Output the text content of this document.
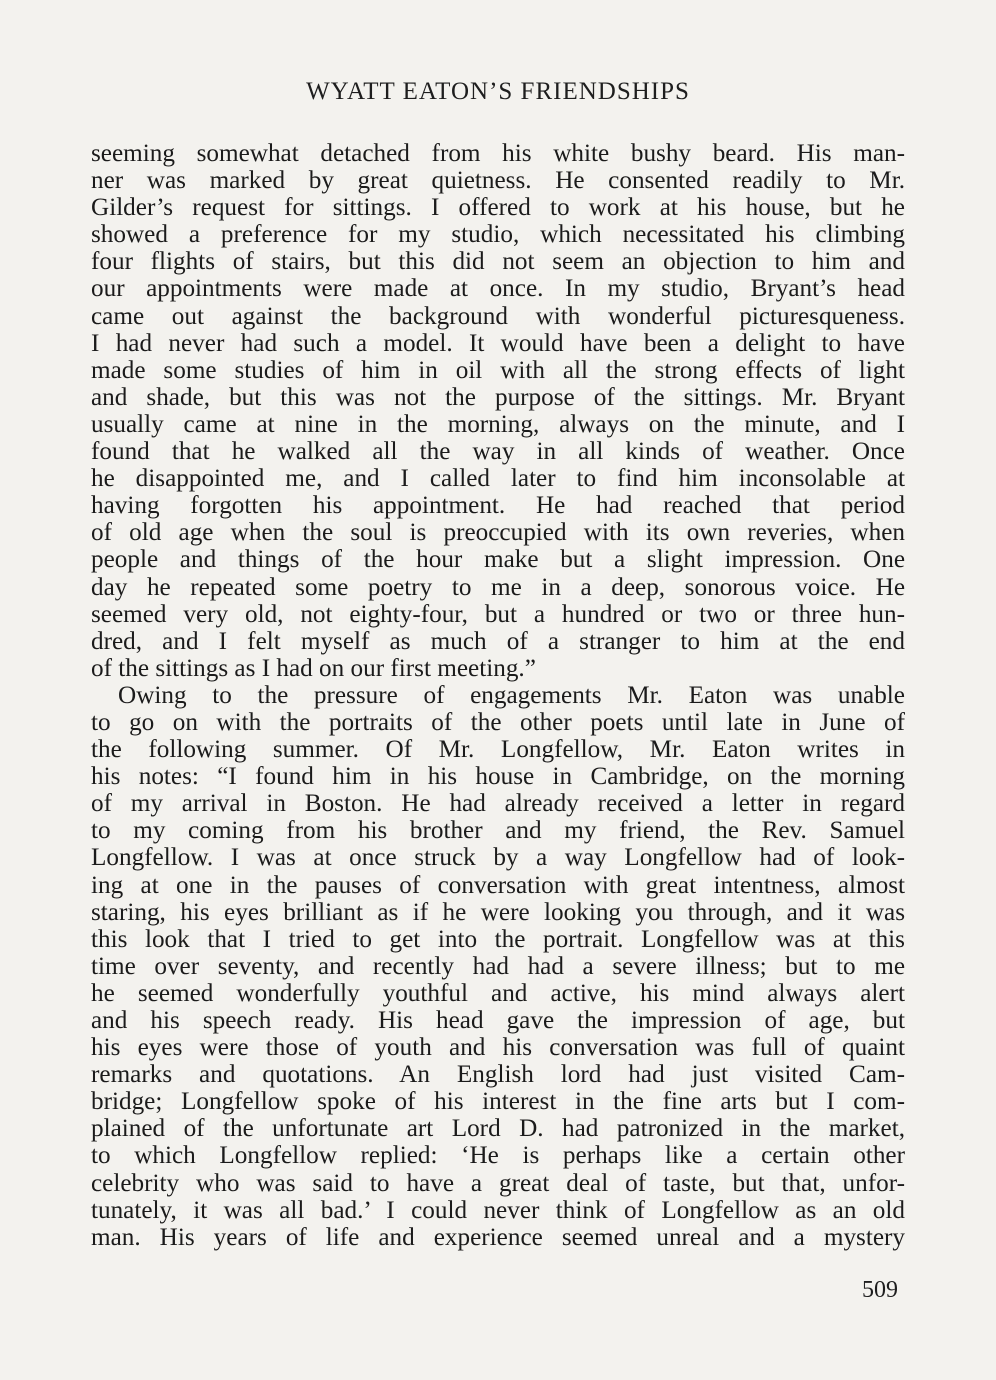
WYATT EATON’S FRIENDSHIPS
seeming somewhat detached from his white bushy beard. His man-
ner was marked by great quietness. He consented readily to Mr.
Gilder’s request for sittings. I offered to work at his house, but he
showed a preference for my studio, which necessitated his climbing
four flights of stairs, but this did not seem an objection to him and
our appointments were made at once. In my studio, Bryant’s head
came out against the background with wonderful picturesqueness.
I had never had such a model. It would have been a delight to have
made some studies of him in oil with all the strong effects of light
and shade, but this was not the purpose of the sittings. Mr. Bryant
usually came at nine in the morning, always on the minute, and I
found that he walked all the way in all kinds of weather. Once
he disappointed me, and I called later to find him inconsolable at
having forgotten his appointment. He had reached that period
of old age when the soul is preoccupied with its own reveries, when
people and things of the hour make but a slight impression. One
day he repeated some poetry to me in a deep, sonorous voice. He
seemed very old, not eighty-four, but a hundred or two or three hun-
dred, and I felt myself as much of a stranger to him at the end
of the sittings as I had on our first meeting.”
Owing to the pressure of engagements Mr. Eaton was unable
to go on with the portraits of the other poets until late in June of
the following summer. Of Mr. Longfellow, Mr. Eaton writes in
his notes: “I found him in his house in Cambridge, on the morning
of my arrival in Boston. He had already received a letter in regard
to my coming from his brother and my friend, the Rev. Samuel
Longfellow. I was at once struck by a way Longfellow had of look-
ing at one in the pauses of conversation with great intentness, almost
staring, his eyes brilliant as if he were looking you through, and it was
this look that I tried to get into the portrait. Longfellow was at this
time over seventy, and recently had had a severe illness; but to me
he seemed wonderfully youthful and active, his mind always alert
and his speech ready. His head gave the impression of age, but
his eyes were those of youth and his conversation was full of quaint
remarks and quotations. An English lord had just visited Cam-
bridge; Longfellow spoke of his interest in the fine arts but I com-
plained of the unfortunate art Lord D. had patronized in the market,
to which Longfellow replied: ‘He is perhaps like a certain other
celebrity who was said to have a great deal of taste, but that, unfor-
tunately, it was all bad.’ I could never think of Longfellow as an old
man. His years of life and experience seemed unreal and a mystery
509
